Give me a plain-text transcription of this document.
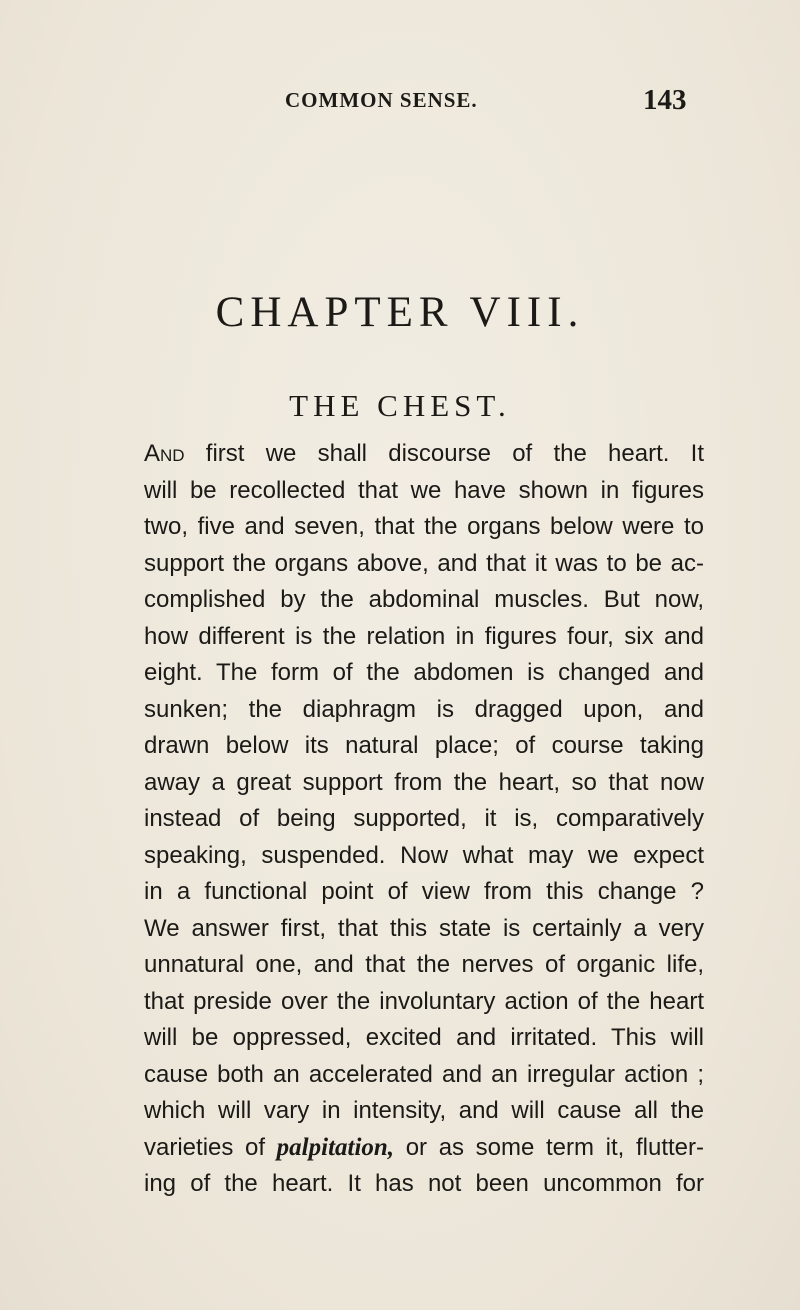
COMMON SENSE.	143
CHAPTER VIII.
THE CHEST.
And first we shall discourse of the heart. It
will be recollected that we have shown in figures
two, five and seven, that the organs below were to
support the organs above, and that it was to be ac-
complished by the abdominal muscles. But now,
how different is the relation in figures four, six and
eight. The form of the abdomen is changed and
sunken; the diaphragm is dragged upon, and
drawn below its natural place; of course taking
away a great support from the heart, so that now
instead of being supported, it is, comparatively
speaking, suspended. Now what may we expect
in a functional point of view from this change ?
We answer first, that this state is certainly a very
unnatural one, and that the nerves of organic life,
that preside over the involuntary action of the heart
will be oppressed, excited and irritated. This will
cause both an accelerated and an irregular action ;
which will vary in intensity, and will cause all the
varieties of palpitation, or as some term it, flutter-
ing of the heart. It has not been uncommon for
